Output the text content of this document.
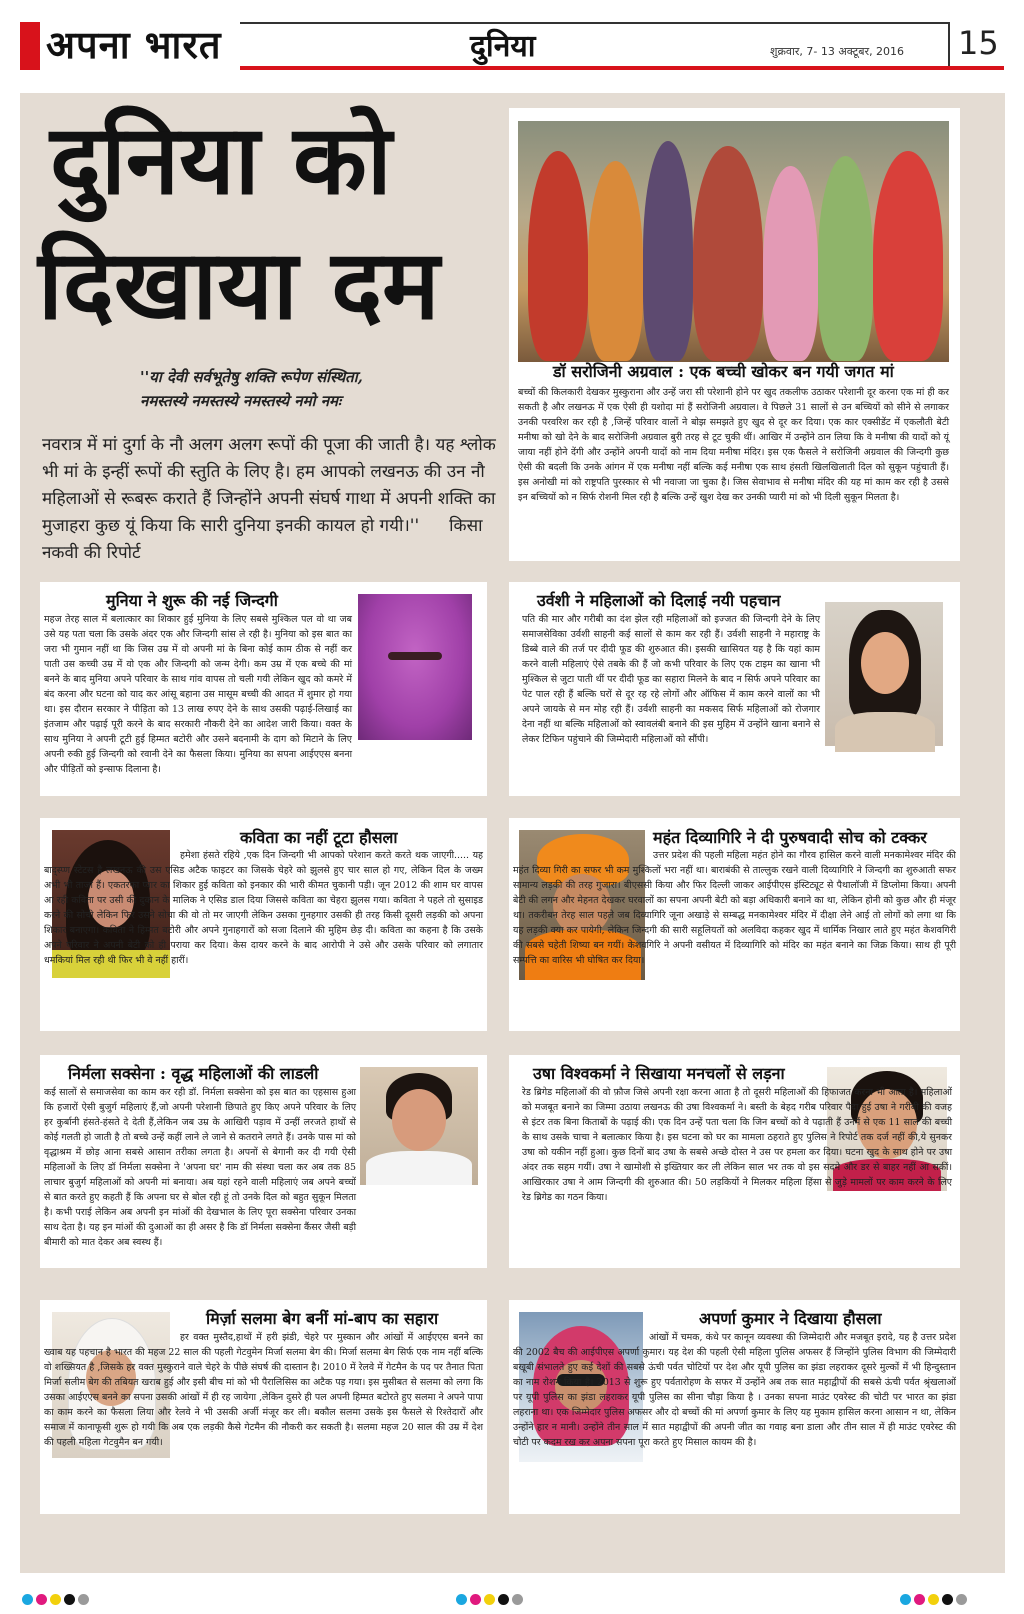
अपना भारत	दुनिया	शुक्रवार, 7- 13 अक्टूबर, 2016 15
दुनिया को
दिखाया दम
''या देवी सर्वभूतेषु शक्ति रूपेण संस्थिता,
नमस्तस्ये नमस्तस्ये नमस्तस्ये नमो नमः
नवरात्र में मां दुर्गा के नौ अलग अलग रूपों की पूजा की जाती है। यह श्लोक भी मां के इन्हीं रूपों की स्तुति के लिए है। हम आपको लखनऊ की उन नौ महिलाओं से रूबरू कराते हैं जिन्होंने अपनी संघर्ष गाथा में अपनी शक्ति का मुजाहरा कुछ यूं किया कि सारी दुनिया इनकी कायल हो गयी।'' किसा नकवी की रिपोर्ट
डॉ सरोजिनी अग्रवाल : एक बच्ची खोकर बन गयी जगत मां

बच्चों की किलकारी देखकर मुस्कुराना और उन्हें जरा सी परेशानी होने पर खुद तकलीफ उठाकर परेशानी दूर करना एक मां ही कर सकती है और लखनऊ में एक ऐसी ही यशोदा मां हैं सरोजिनी अग्रवाल। वे पिछले 31 सालों से उन बच्चियों को सीने से लगाकर उनकी परवरिश कर रही है ,जिन्हें परिवार वालों ने बोझ समझते हुए खुद से दूर कर दिया। एक कार एक्सीडेंट में एकलौती बेटी मनीषा को खो देने के बाद सरोजिनी अग्रवाल बुरी तरह से टूट चुकी थीं। आखिर में उन्होंने ठान लिया कि वे मनीषा की यादों को यूं जाया नहीं होने देंगी और उन्होंने अपनी यादों को नाम दिया मनीषा मंदिर। इस एक फैसले ने सरोजिनी अग्रवाल की जिन्दगी कुछ ऐसी की बदली कि उनके आंगन में एक मनीषा नहीं बल्कि कई मनीषा एक साथ हंसती खिलखिलाती दिल को सुकून पहुंचाती हैं। इस अनोखी मां को राष्ट्रपति पुरस्कार से भी नवाजा जा चुका है। जिस सेवाभाव से मनीषा मंदिर की यह मां काम कर रही है उससे इन बच्चियों को न सिर्फ रोशनी मिल रही है बल्कि उन्हें खुश देख कर उनकी प्यारी मां को भी दिली सुकून मिलता है।

मुनिया ने शुरू की नई जिन्दगी

महज तेरह साल में बलात्कार का शिकार हुई मुनिया के लिए सबसे मुश्किल पल वो था जब उसे यह पता चला कि उसके अंदर एक और जिन्दगी सांस ले रही है। मुनिया को इस बात का जरा भी गुमान नहीं था कि जिस उम्र में वो अपनी मां के बिना कोई काम ठीक से नहीं कर पाती उस कच्ची उम्र में वो एक और जिन्दगी को जन्म देगी। कम उम्र में एक बच्चे की मां बनने के बाद मुनिया अपने परिवार के साथ गांव वापस तो चली गयी लेकिन खुद को कमरे में बंद करना और घटना को याद कर आंसू बहाना उस मासूम बच्ची की आदत में शुमार हो गया था। इस दौरान सरकार ने पीड़िता को 13 लाख रुपए देने के साथ उसकी पढ़ाई-लिखाई का इंतजाम और पढ़ाई पूरी करने के बाद सरकारी नौकरी देने का आदेश जारी किया। वक्त के साथ मुनिया ने अपनी टूटी हुई हिम्मत बटोरी और उसने बदनामी के दाग को मिटाने के लिए अपनी रुकी हुई जिन्दगी को रवानी देने का फैसला किया। मुनिया का सपना आईएएस बनना और पीड़ितों को इन्साफ दिलाना है।

उर्वशी ने महिलाओं को दिलाई नयी पहचान

पति की मार और गरीबी का दंश झेल रही महिलाओं को इज्जत की जिन्दगी देने के लिए समाजसेविका उर्वशी साहनी कई सालों से काम कर रही हैं। उर्वशी साहनी ने महाराष्ट्र के डिब्बे वाले की तर्ज पर दीदी फूड की शुरुआत की। इसकी खासियत यह है कि यहां काम करने वाली महिलाएं ऐसे तबके की हैं जो कभी परिवार के लिए एक टाइम का खाना भी मुश्किल से जुटा पाती थीं पर दीदी फूड का सहारा मिलने के बाद न सिर्फ अपने परिवार का पेट पाल रही हैं बल्कि घरों से दूर रह रहे लोगों और ऑफिस में काम करने वालों का भी अपने जायके से मन मोह रही हैं। उर्वशी साहनी का मकसद सिर्फ महिलाओं को रोजगार देना नहीं था बल्कि महिलाओं को स्वावलंबी बनाने की इस मुहिम में उन्होंने खाना बनाने से लेकर टिफिन पहुंचाने की जिम्मेदारी महिलाओं को सौंपी।

कविता का नहीं टूटा हौसला

हमेशा हंसते रहिये ,एक दिन जिन्दगी भी आपको परेशान करते करते थक जाएगी..... यह बाद्स्प्ण स्टेटस है लखनऊ की उस एसिड अटैक फाइटर का जिसके चेहरे को झुलसे हुए चार साल हो गए, लेकिन दिल के जख्म अभी भी ताजा हैं। एकतरफा प्यार का शिकार हुई कविता को इनकार की भारी कीमत चुकानी पड़ी। जून 2012 की शाम घर वापस आ रही कविता पर उसी की दुकान के मालिक ने एसिड डाल दिया जिससे कविता का चेहरा झुलस गया। कविता ने पहले तो सुसाइड करने की सोची लेकिन फिर उसने सोचा की वो तो मर जाएगी लेकिन उसका गुनहगार उसकी ही तरह किसी दूसरी लड़की को अपना शिकार बनाएगा। कविता ने हिम्मत बटोरी और अपने गुनाहगारों को सजा दिलाने की मुहिम छेड़ दी। कविता का कहना है कि उसके अपने परिवार ने अपनी बेटी को ही पराया कर दिया। केस दायर करने के बाद आरोपी ने उसे और उसके परिवार को लगातार धमकियां मिल रही थी फिर भी वे नहीं हारीं।

महंत दिव्यागिरि ने दी पुरुषवादी सोच को टक्कर

उत्तर प्रदेश की पहली महिला महंत होने का गौरव हासिल करने वाली मनकामेश्वर मंदिर की महंत दिव्या गिरी का सफर भी कम मुश्किलों भरा नहीं था। बाराबंकी से ताल्लुक रखने वाली दिव्यागिरि ने जिन्दगी का शुरुआती सफर सामान्य लड़की की तरह गुजारा। बीएससी किया और फिर दिल्ली जाकर आईपीएस इंस्टिट्यूट से पैथालॉजी में डिप्लोमा किया। अपनी बेटी की लगन और मेहनत देखकर घरवालों का सपना अपनी बेटी को बड़ा अधिकारी बनाने का था, लेकिन होनी को कुछ और ही मंजूर था। तकरीबन तेरह साल पहले जब दिव्यागिरि जूना अखाड़े से सम्बद्ध मनकामेश्वर मंदिर में दीक्षा लेने आई तो लोगों को लगा था कि यह लड़की क्या कर पायेगी, लेकिन जिन्दगी की सारी सहूलियतों को अलविदा कहकर खुद में धार्मिक निखार लाते हुए महंत केशवगिरी की सबसे चहेती शिष्या बन गयीं। केशवगिरि ने अपनी वसीयत में दिव्यागिरि को मंदिर का महंत बनाने का जिक्र किया। साथ ही पूरी सम्पत्ति का वारिस भी घोषित कर दिया।

निर्मला सक्सेना : वृद्ध महिलाओं की लाडली

कई सालों से समाजसेवा का काम कर रही डॉ. निर्मला सक्सेना को इस बात का एहसास हुआ कि हजारों ऐसी बुजुर्ग महिलाएं हैं,जो अपनी परेशानी छिपाते हुए किए अपने परिवार के लिए हर कुर्बानी हंसते-हंसते दे देती हैं,लेकिन जब उम्र के आखिरी पड़ाव में उन्हीं लरजते हाथों से कोई गलती हो जाती है तो बच्चे उन्हें कहीं लाने ले जाने से कतराने लगते हैं। उनके पास मां को वृद्धाश्रम में छोड़ आना सबसे आसान तरीका लगता है। अपनों से बेगानी कर दी गयी ऐसी महिलाओं के लिए डॉ निर्मला सक्सेना ने 'अपना घर' नाम की संस्था चला कर अब तक 85 लाचार बुजुर्ग महिलाओं को अपनी मां बनाया। अब यहां रहने वाली महिलाएं जब अपने बच्चों से बात करते हुए कहती हैं कि अपना घर से बोल रही हूं तो उनके दिल को बहुत सुकून मिलता है। कभी पराई लेकिन अब अपनी इन मांओं की देखभाल के लिए पूरा सक्सेना परिवार उनका साथ देता है। यह इन मांओं की दुआओं का ही असर है कि डॉ निर्मला सक्सेना कैंसर जैसी बड़ी बीमारी को मात देकर अब स्वस्थ हैं।

उषा विश्वकर्मा ने सिखाया मनचलों से लड़ना

रेड ब्रिगेड महिलाओं की वो फ़ौज जिसे अपनी रक्षा करना आता है तो दूसरी महिलाओं की हिफाजत करना भी आता है। महिलाओं को मजबूत बनाने का जिम्मा उठाया लखनऊ की उषा विश्वकर्मा ने। बस्ती के बेहद गरीब परिवार पैदा हुई उषा ने गरीबी की वजह से इंटर तक बिना किताबों के पढ़ाई की। एक दिन उन्हें पता चला कि जिन बच्चों को वे पढ़ाती हैं उनमें से एक 11 साल की बच्ची के साथ उसके चाचा ने बलात्कार किया है। इस घटना को घर का मामला ठहराते हुए पुलिस ने रिपोर्ट तक दर्ज नहीं की,ये सुनकर उषा को यकीन नहीं हुआ। कुछ दिनों बाद उषा के सबसे अच्छे दोस्त ने उस पर हमला कर दिया। घटना खुद के साथ होने पर उषा अंदर तक सहम गयीं। उषा ने खामोशी से इख्तियार कर ली लेकिन साल भर तक वो इस सदमे और डर से बाहर नहीं आ सकीं। आखिरकार उषा ने आम जिन्दगी की शुरुआत की। 50 लड़कियों ने मिलकर महिला हिंसा से जुड़े मामलों पर काम करने के लिए रेड ब्रिगेड का गठन किया।

मिर्ज़ा सलमा बेग बनीं मां-बाप का सहारा

हर वक्त मुस्तैद,हाथों में हरी झंडी, चेहरे पर मुस्कान और आंखों में आईएएस बनने का ख्वाब यह पहचान है भारत की महज 22 साल की पहली गेटवुमेन मिर्जा सलमा बेग की। मिर्जा सलमा बेग सिर्फ एक नाम नहीं बल्कि वो शख्सियत है ,जिसके हर वक्त मुस्कुराने वाले चेहरे के पीछे संघर्ष की दास्तान है। 2010 में रेलवे में गेटमैन के पद पर तैनात पिता मिर्जा सलीम बेग की तबियत खराब हुई और इसी बीच मां को भी पैरालिसिस का अटैक पड़ गया। इस मुसीबत से सलमा को लगा कि उसका आईएएस बनने का सपना उसकी आंखों में ही रह जायेगा ,लेकिन दुसरे ही पल अपनी हिम्मत बटोरते हुए सलमा ने अपने पापा का काम करने का फैसला लिया और रेलवे ने भी उसकी अर्जी मंजूर कर ली। बकौल सलमा उसके इस फैसले से रिश्तेदारों और समाज में कानाफूसी शुरू हो गयी कि अब एक लड़की कैसे गेटमैन की नौकरी कर सकती है। सलमा महज 20 साल की उम्र में देश की पहली महिला गेटवुमैन बन गयी।

अपर्णा कुमार ने दिखाया हौसला

आंखों में चमक, कंधे पर कानून व्यवस्था की जिम्मेदारी और मजबूत इरादे, यह है उत्तर प्रदेश की 2002 बैच की आईपीएस अपर्णा कुमार। यह देश की पहली ऐसी महिला पुलिस अफसर हैं जिन्होंने पुलिस विभाग की जिम्मेदारी बखूबी संभालते हुए कई देशों की सबसे ऊंची पर्वत चोटियों पर देश और यूपी पुलिस का झंडा लहराकर दूसरे मुल्कों में भी हिन्दुस्तान का नाम रोशन किया है। 2013 से शुरू हुए पर्वतारोहण के सफर में उन्होंने अब तक सात महाद्वीपों की सबसे ऊंची पर्वत श्रृंखलाओं पर यूपी पुलिस का झंडा लहराकर यूपी पुलिस का सीना चौड़ा किया है । उनका सपना माउंट एवरेस्ट की चोटी पर भारत का झंडा लहराना था। एक जिम्मेदार पुलिस अफसर और दो बच्चों की मां अपर्णा कुमार के लिए यह मुकाम हासिल करना आसान न था, लेकिन उन्होंने हार न मानी। उन्होंने तीन साल में सात महाद्वीपों की अपनी जीत का गवाह बना डाला और तीन साल में ही माउंट एवरेस्ट की चोटी पर कदम रख कर अपना सपना पूरा करते हुए मिसाल कायम की है।
